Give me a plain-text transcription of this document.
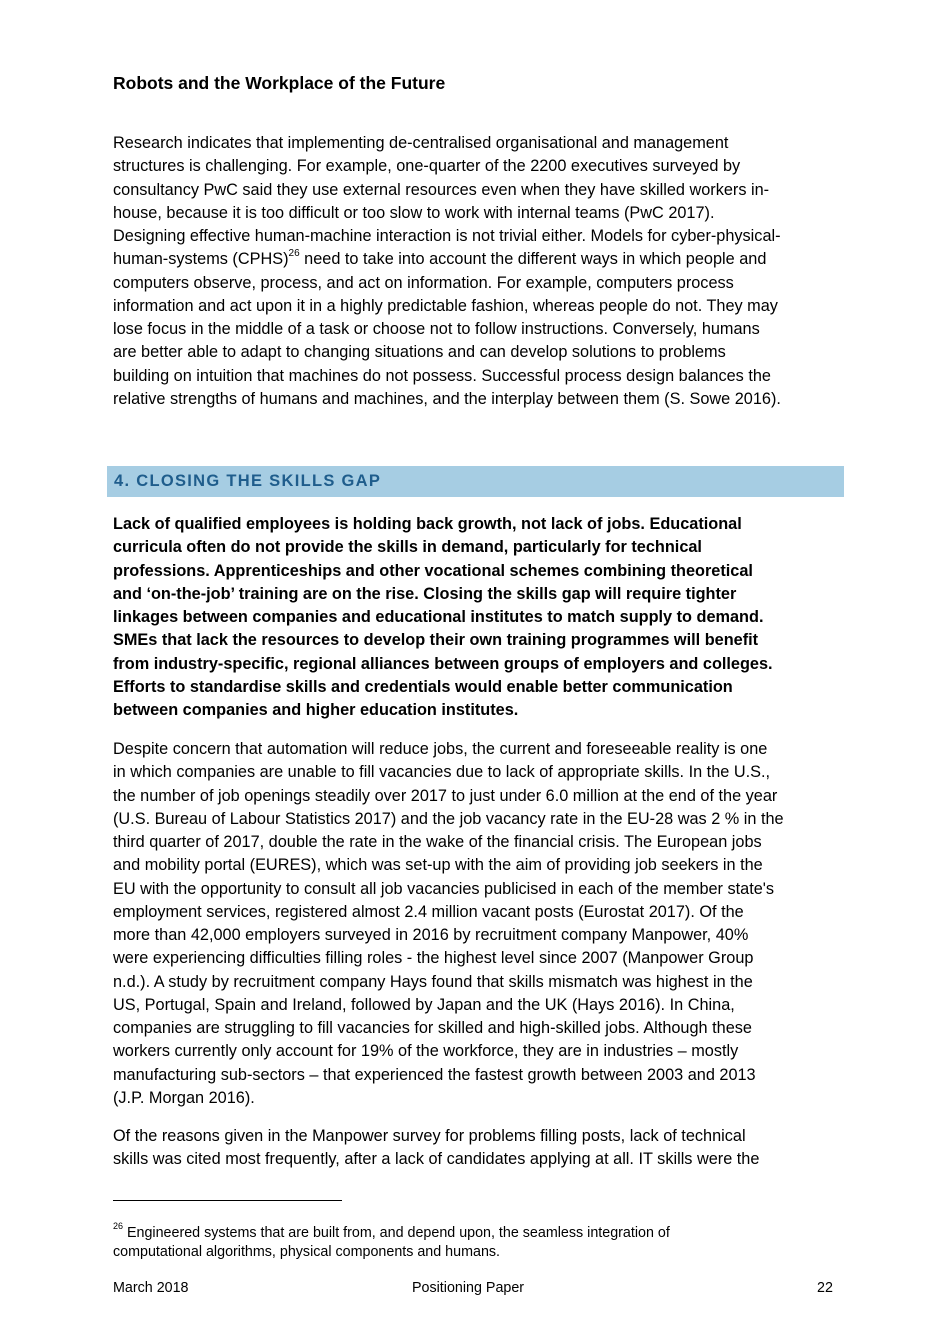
Robots and the Workplace of the Future

Research indicates that implementing de-centralised organisational and management
structures is challenging. For example, one-quarter of the 2200 executives surveyed by
consultancy PwC said they use external resources even when they have skilled workers in-
house, because it is too difficult or too slow to work with internal teams (PwC 2017).
Designing effective human-machine interaction is not trivial either. Models for cyber-physical-
human-systems (CPHS)$^{26}$ need to take into account the different ways in which people and
computers observe, process, and act on information. For example, computers process
information and act upon it in a highly predictable fashion, whereas people do not. They may
lose focus in the middle of a task or choose not to follow instructions. Conversely, humans
are better able to adapt to changing situations and can develop solutions to problems
building on intuition that machines do not possess. Successful process design balances the
relative strengths of humans and machines, and the interplay between them (S. Sowe 2016).

4. CLOSING THE SKILLS GAP

Lack of qualified employees is holding back growth, not lack of jobs. Educational
curricula often do not provide the skills in demand, particularly for technical
professions. Apprenticeships and other vocational schemes combining theoretical
and ‘on-the-job’ training are on the rise. Closing the skills gap will require tighter
linkages between companies and educational institutes to match supply to demand.
SMEs that lack the resources to develop their own training programmes will benefit
from industry-specific, regional alliances between groups of employers and colleges.
Efforts to standardise skills and credentials would enable better communication
between companies and higher education institutes.

Despite concern that automation will reduce jobs, the current and foreseeable reality is one
in which companies are unable to fill vacancies due to lack of appropriate skills. In the U.S.,
the number of job openings steadily over 2017 to just under 6.0 million at the end of the year
(U.S. Bureau of Labour Statistics 2017) and the job vacancy rate in the EU-28 was 2 % in the
third quarter of 2017, double the rate in the wake of the financial crisis. The European jobs
and mobility portal (EURES), which was set-up with the aim of providing job seekers in the
EU with the opportunity to consult all job vacancies publicised in each of the member state's
employment services, registered almost 2.4 million vacant posts (Eurostat 2017). Of the
more than 42,000 employers surveyed in 2016 by recruitment company Manpower, 40%
were experiencing difficulties filling roles - the highest level since 2007 (Manpower Group
n.d.). A study by recruitment company Hays found that skills mismatch was highest in the
US, Portugal, Spain and Ireland, followed by Japan and the UK (Hays 2016). In China,
companies are struggling to fill vacancies for skilled and high-skilled jobs. Although these
workers currently only account for 19% of the workforce, they are in industries – mostly
manufacturing sub-sectors – that experienced the fastest growth between 2003 and 2013
(J.P. Morgan 2016).

Of the reasons given in the Manpower survey for problems filling posts, lack of technical
skills was cited most frequently, after a lack of candidates applying at all. IT skills were the

$^{26}$ Engineered systems that are built from, and depend upon, the seamless integration of
computational algorithms, physical components and humans.

March 2018	Positioning Paper	22
